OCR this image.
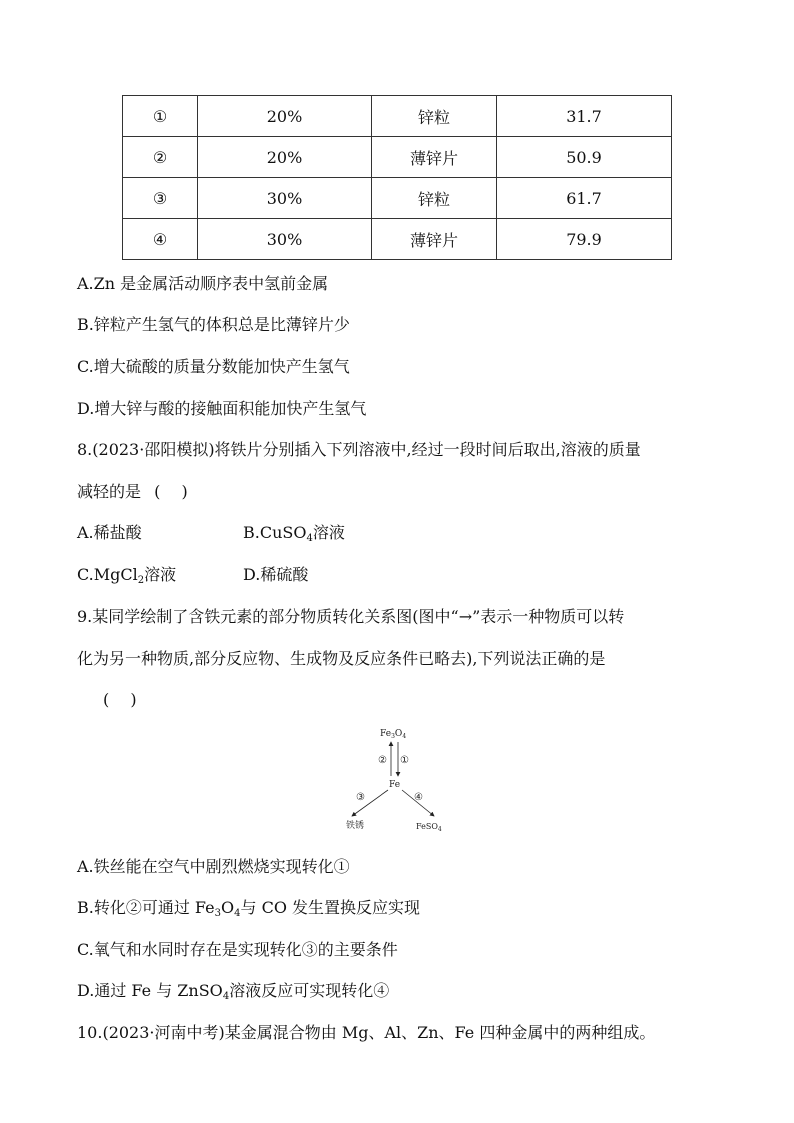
①	20%	锌粒	31.7
②	20%	薄锌片	50.9
③	30%	锌粒	61.7
④	30%	薄锌片	79.9
A.Zn 是金属活动顺序表中氢前金属
B.锌粒产生氢气的体积总是比薄锌片少
C.增大硫酸的质量分数能加快产生氢气
D.增大锌与酸的接触面积能加快产生氢气
8.(2023·邵阳模拟)将铁片分别插入下列溶液中,经过一段时间后取出,溶液的质量
减轻的是 (　 )
A.稀盐酸	B.CuSO$_4$溶液
C.MgCl$_2$溶液	D.稀硫酸
9.某同学绘制了含铁元素的部分物质转化关系图(图中“→”表示一种物质可以转
化为另一种物质,部分反应物、生成物及反应条件已略去),下列说法正确的是
(　 )
$Fe_3O_4$
② ①
Fe
③	④
铁锈	FeSO$_4$
A.铁丝能在空气中剧烈燃烧实现转化①
B.转化②可通过 $Fe_3O_4$与 CO 发生置换反应实现
C.氧气和水同时存在是实现转化③的主要条件
D.通过 Fe 与 ZnSO$_4$溶液反应可实现转化④
10.(2023·河南中考)某金属混合物由 Mg、Al、Zn、Fe 四种金属中的两种组成。
